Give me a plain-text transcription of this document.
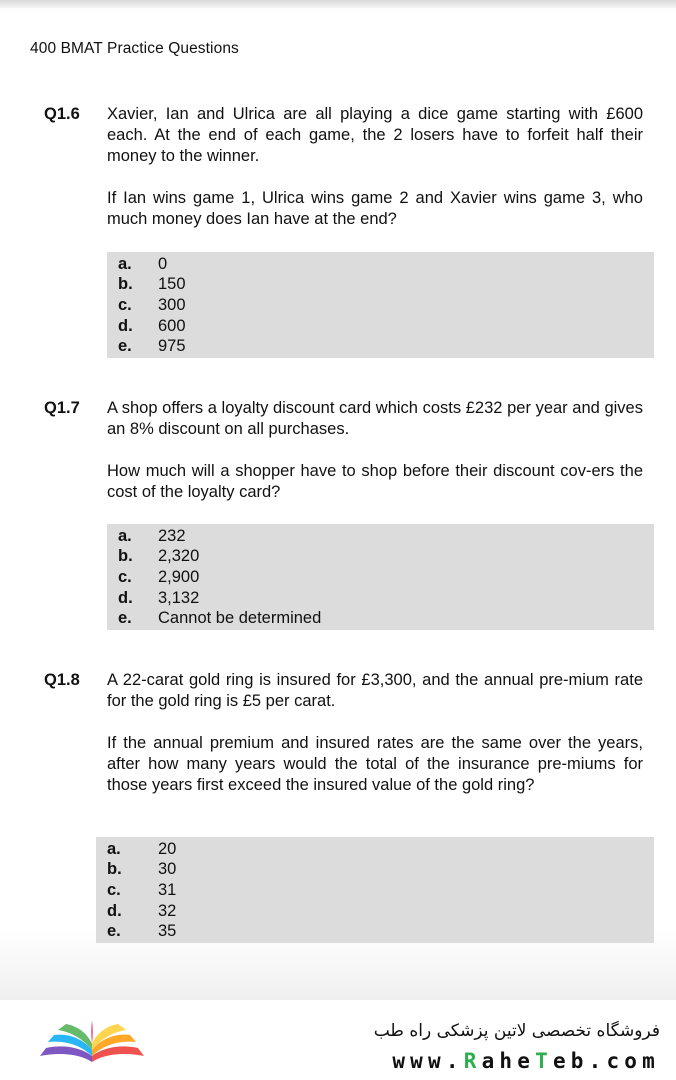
400 BMAT Practice Questions
Q1.6 Xavier, Ian and Ulrica are all playing a dice game starting with £600 each. At the end of each game, the 2 losers have to forfeit half their money to the winner.

If Ian wins game 1, Ulrica wins game 2 and Xavier wins game 3, who much money does Ian have at the end?

a.	0
b.	150
c.	300
d.	600
e.	975
Q1.7 A shop offers a loyalty discount card which costs £232 per year and gives an 8% discount on all purchases.

How much will a shopper have to shop before their discount cov-ers the cost of the loyalty card?

a.	232
b.	2,320
c.	2,900
d.	3,132
e.	Cannot be determined
Q1.8 A 22-carat gold ring is insured for £3,300, and the annual pre-mium rate for the gold ring is £5 per carat.

If the annual premium and insured rates are the same over the years, after how many years would the total of the insurance pre-miums for those years first exceed the insured value of the gold ring?

a.	20
b.	30
c.	31
d.	32
e.	35
فروشگاه تخصصی لاتین پزشکی راه طب
www.RaheTeb.com
